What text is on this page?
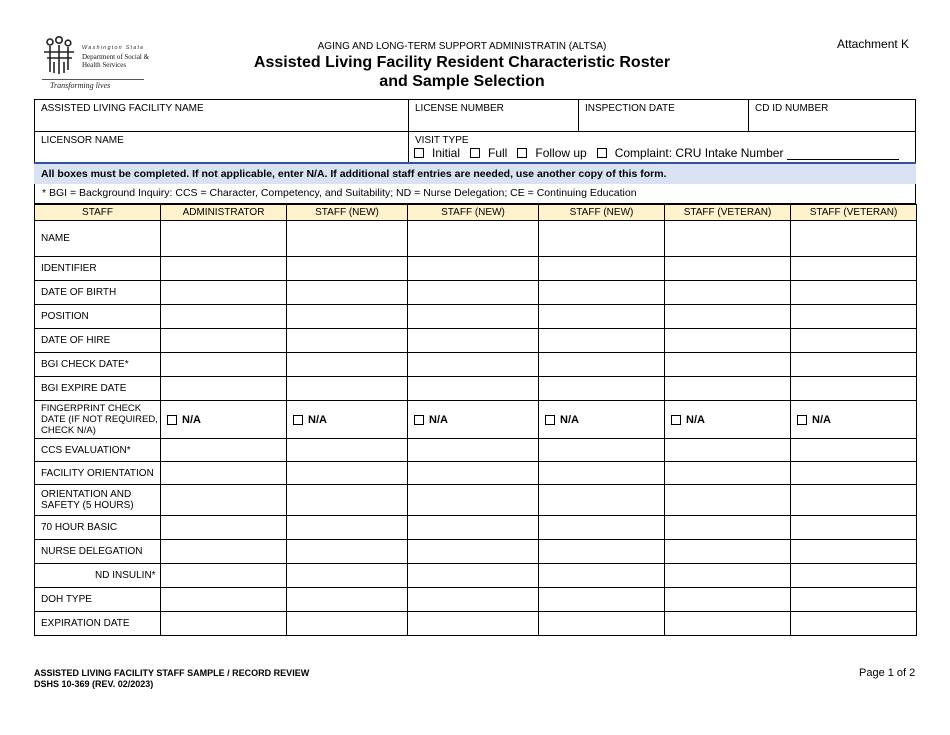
Washington State
Department of Social & Health Services
Transforming lives
AGING AND LONG-TERM SUPPORT ADMINISTRATIN (ALTSA)
Assisted Living Facility Resident Characteristic Roster
and Sample Selection
Attachment K
ASSISTED LIVING FACILITY NAME	LICENSE NUMBER	INSPECTION DATE	CD ID NUMBER
LICENSOR NAME	VISIT TYPE
Initial Full Follow up Complaint: CRU Intake Number
All boxes must be completed. If not applicable, enter N/A. If additional staff entries are needed, use another copy of this form.
* BGI = Background Inquiry: CCS = Character, Competency, and Suitability; ND = Nurse Delegation; CE = Continuing Education
STAFF	ADMINISTRATOR	STAFF (NEW)	STAFF (NEW)	STAFF (NEW)	STAFF (VETERAN)	STAFF (VETERAN)
NAME						
IDENTIFIER						
DATE OF BIRTH						
POSITION						
DATE OF HIRE						
BGI CHECK DATE*						
BGI EXPIRE DATE						
FINGERPRINT CHECK DATE (IF NOT REQUIRED, CHECK N/A)	N/A	N/A	N/A	N/A	N/A	N/A

CCS EVALUATION*						
FACILITY ORIENTATION						
ORIENTATION AND SAFETY (5 HOURS)						
70 HOUR BASIC						
NURSE DELEGATION						
ND INSULIN*						
DOH TYPE						
EXPIRATION DATE						
ASSISTED LIVING FACILITY STAFF SAMPLE / RECORD REVIEW
DSHS 10-369 (REV. 02/2023)
Page 1 of 2
